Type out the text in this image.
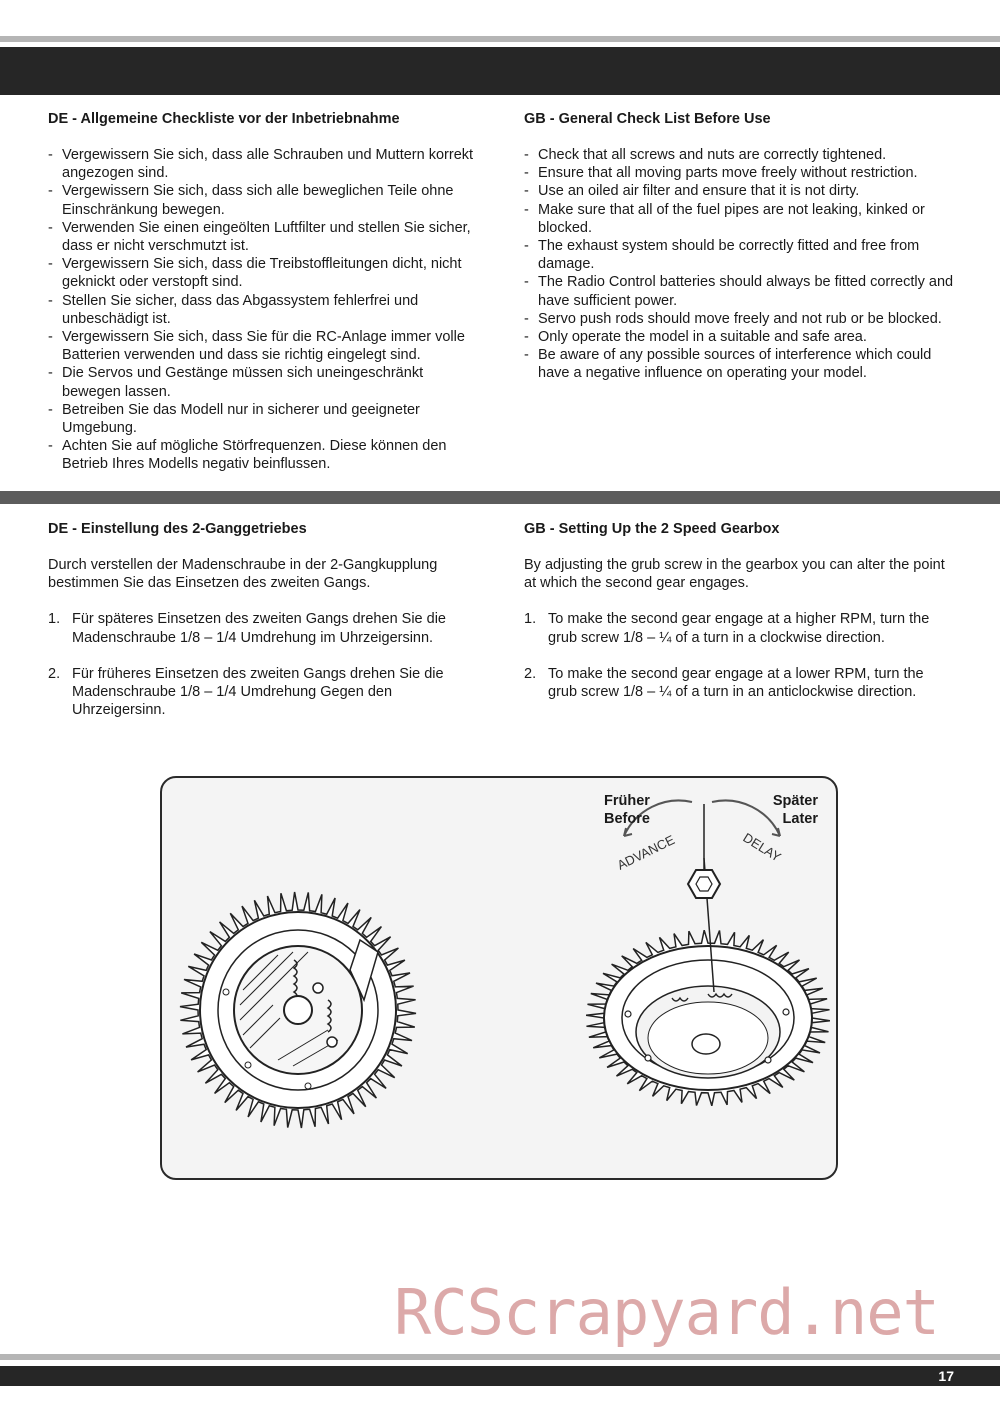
DE - Allgemeine Checkliste vor der Inbetriebnahme
- Vergewissern Sie sich, dass alle Schrauben und Muttern korrekt angezogen sind.
- Vergewissern Sie sich, dass sich alle beweglichen Teile ohne Einschränkung bewegen.
- Verwenden Sie einen eingeölten Luftfilter und stellen Sie sicher, dass er nicht verschmutzt ist.
- Vergewissern Sie sich, dass die Treibstoffleitungen dicht, nicht geknickt oder verstopft sind.
- Stellen Sie sicher, dass das Abgassystem fehlerfrei und unbeschädigt ist.
- Vergewissern Sie sich, dass Sie für die RC-Anlage immer volle Batterien verwenden und dass sie richtig eingelegt sind.
- Die Servos und Gestänge müssen sich uneingeschränkt bewegen lassen.
- Betreiben Sie das Modell nur in sicherer und geeigneter Umgebung.
- Achten Sie auf mögliche Störfrequenzen. Diese können den Betrieb Ihres Modells negativ beinflussen.
GB - General Check List Before Use
- Check that all screws and nuts are correctly tightened.
- Ensure that all moving parts move freely without restriction.
- Use an oiled air filter and ensure that it is not dirty.
- Make sure that all of the fuel pipes are not leaking, kinked or blocked.
- The exhaust system should be correctly fitted and free from damage.
- The Radio Control batteries should always be fitted correctly and have sufficient power.
- Servo push rods should move freely and not rub or be blocked.
- Only operate the model in a suitable and safe area.
- Be aware of any possible sources of interference which could have a negative influence on operating your model.
DE - Einstellung des 2-Ganggetriebes

Durch verstellen der Madenschraube in der 2-Gangkupplung bestimmen Sie das Einsetzen des zweiten Gangs.

1. Für späteres Einsetzen des zweiten Gangs drehen Sie die Madenschraube 1/8 – 1/4 Umdrehung im Uhrzeigersinn.
2. Für früheres Einsetzen des zweiten Gangs drehen Sie die Madenschraube 1/8 – 1/4 Umdrehung Gegen den Uhrzeigersinn.
GB - Setting Up the 2 Speed Gearbox

By adjusting the grub screw in the gearbox you can alter the point at which the second gear engages.

1. To make the second gear engage at a higher RPM, turn the grub screw 1/8 – ¼ of a turn in a clockwise direction.
2. To make the second gear engage at a lower RPM, turn the grub screw 1/8 – ¼ of a turn in an anticlockwise direction.
ADVANCE	DELAY
Früher
Before
Später
Later
RCScrapyard.net
17
